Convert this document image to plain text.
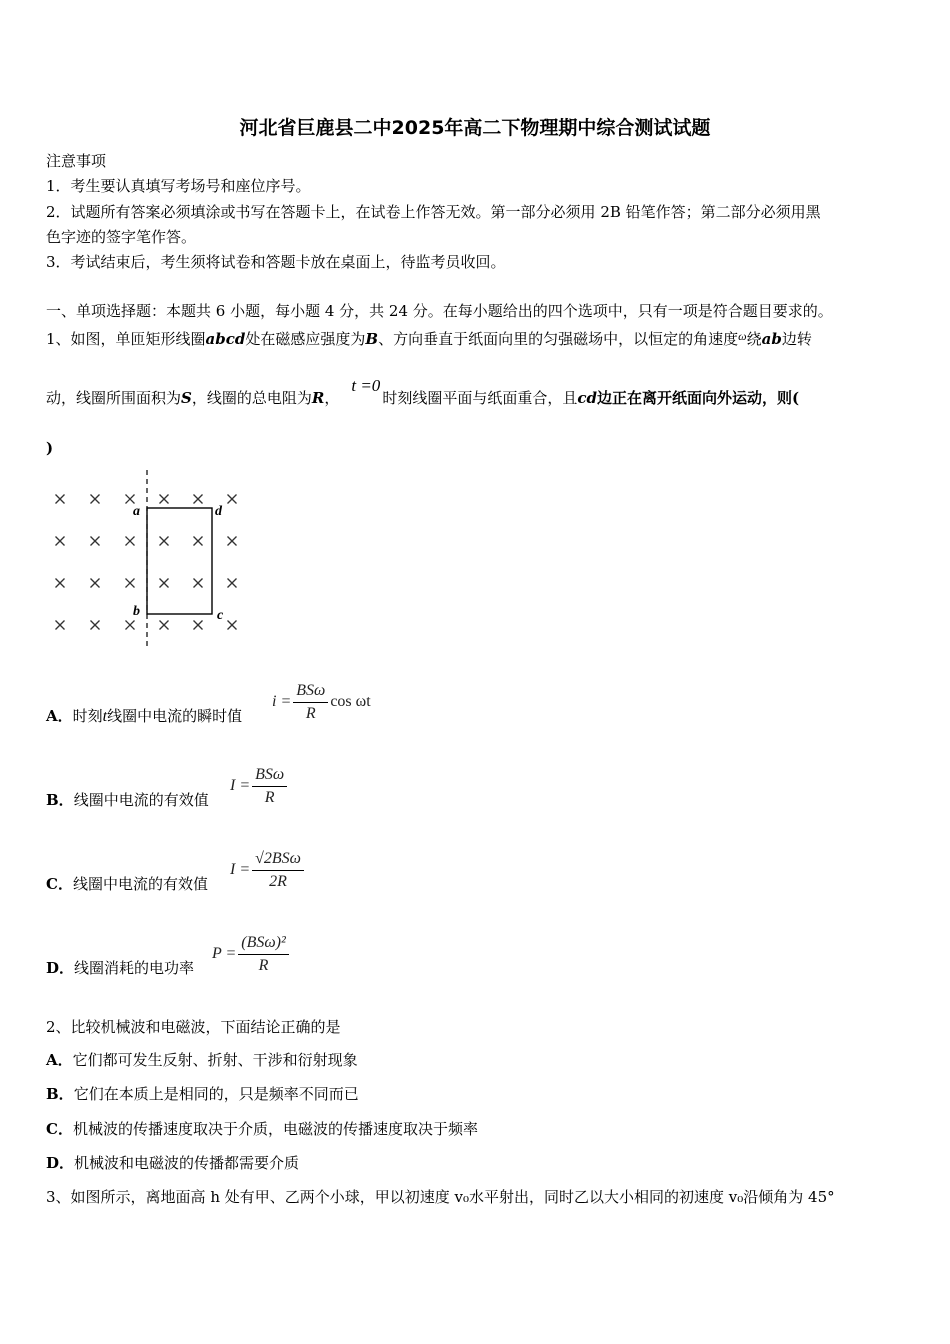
河北省巨鹿县二中2025年高二下物理期中综合测试试题
注意事项
1．考生要认真填写考场号和座位序号。
2．试题所有答案必须填涂或书写在答题卡上，在试卷上作答无效。第一部分必须用 2B 铅笔作答；第二部分必须用黑
色字迹的签字笔作答。
3．考试结束后，考生须将试卷和答题卡放在桌面上，待监考员收回。
一、单项选择题：本题共 6 小题，每小题 4 分，共 24 分。在每小题给出的四个选项中，只有一项是符合题目要求的。
1、如图，单匝矩形线圈abcd处在磁感应强度为B、方向垂直于纸面向里的匀强磁场中，以恒定的角速度$^\omega$绕ab边转
动，线圈所围面积为S，线圈的总电阻为R，t =0时刻线圈平面与纸面重合，且cd边正在离开纸面向外运动，则(
)
a	d
b	c
A．时刻t线圈中电流的瞬时值
$i = \frac{\text{BSω}}{R}$ cos ωt
B．线圈中电流的有效值
$I = \frac{\text{BSω}}{R}$
C．线圈中电流的有效值
$I = \frac{\text{√2BSω}}{2R}$
D．线圈消耗的电功率
$P = \frac{\text{(BSω)²}}{R}$
2、比较机械波和电磁波，下面结论正确的是
A．它们都可发生反射、折射、干涉和衍射现象
B．它们在本质上是相同的，只是频率不同而已
C．机械波的传播速度取决于介质，电磁波的传播速度取决于频率
D．机械波和电磁波的传播都需要介质
3、如图所示，离地面高 h 处有甲、乙两个小球，甲以初速度 v₀水平射出，同时乙以大小相同的初速度 v₀沿倾角为 45°
